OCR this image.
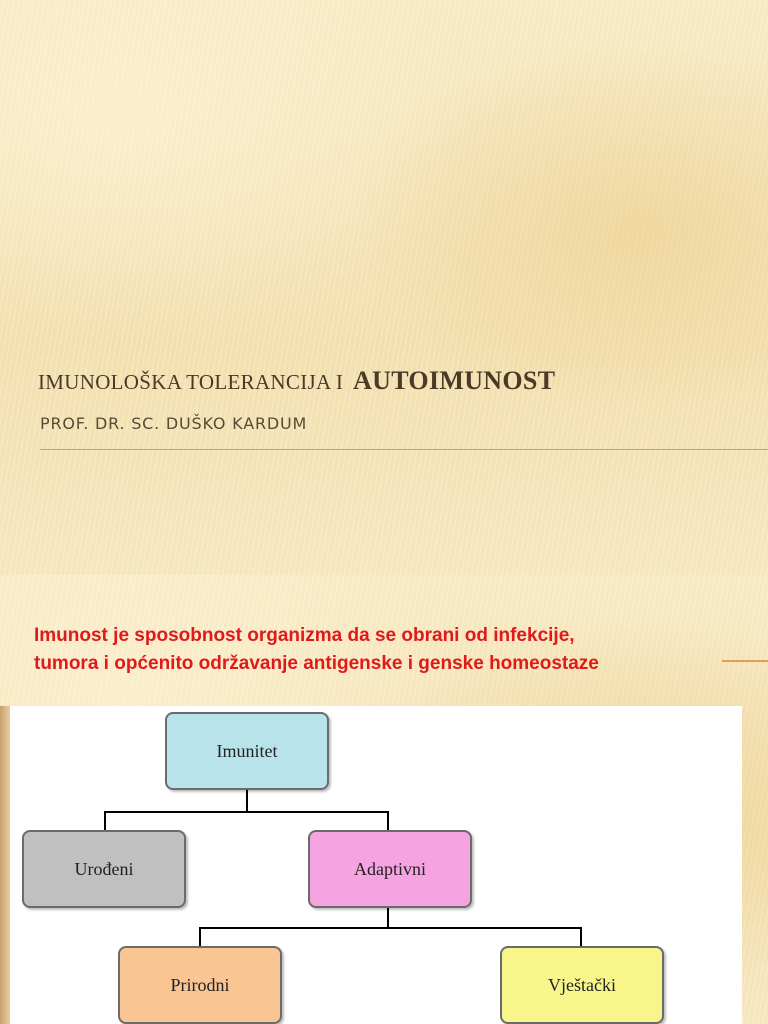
IMUNOLOŠKA TOLERANCIJA I AUTOIMUNOST
PROF. DR. SC. DUŠKO KARDUM
Imunost je sposobnost organizma da se obrani od infekcije,
tumora i općenito održavanje antigenske i genske homeostaze
Imunitet
Urođeni	Adaptivni
Prirodni	Vještački
